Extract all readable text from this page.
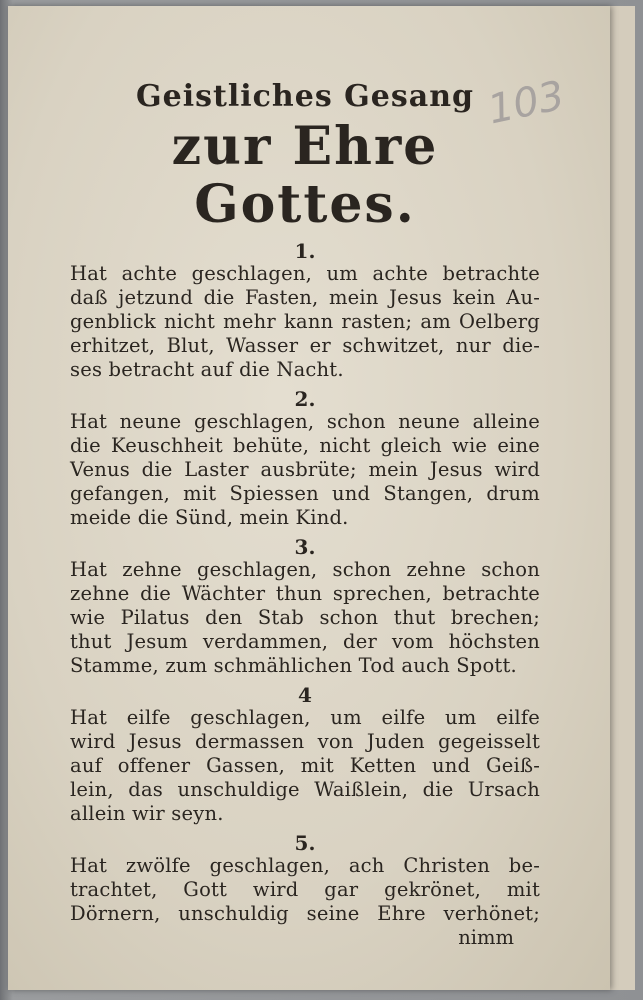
103
Geistliches Gesang
zur Ehre Gottes.
1.
Hat achte geschlagen, um achte betrachte
daß jetzund die Fasten, mein Jesus kein Au-
genblick nicht mehr kann rasten; am Oelberg
erhitzet, Blut, Wasser er schwitzet, nur die-
ses betracht auf die Nacht.
2.
Hat neune geschlagen, schon neune alleine
die Keuschheit behüte, nicht gleich wie eine
Venus die Laster ausbrüte; mein Jesus wird
gefangen, mit Spiessen und Stangen, drum
meide die Sünd, mein Kind.
3.
Hat zehne geschlagen, schon zehne schon
zehne die Wächter thun sprechen, betrachte
wie Pilatus den Stab schon thut brechen;
thut Jesum verdammen, der vom höchsten
Stamme, zum schmählichen Tod auch Spott.
4
Hat eilfe geschlagen, um eilfe um eilfe
wird Jesus dermassen von Juden gegeisselt
auf offener Gassen, mit Ketten und Geiß-
lein, das unschuldige Waißlein, die Ursach
allein wir seyn.
5.
Hat zwölfe geschlagen, ach Christen be-
trachtet, Gott wird gar gekrönet, mit
Dörnern, unschuldig seine Ehre verhönet;
nimm
